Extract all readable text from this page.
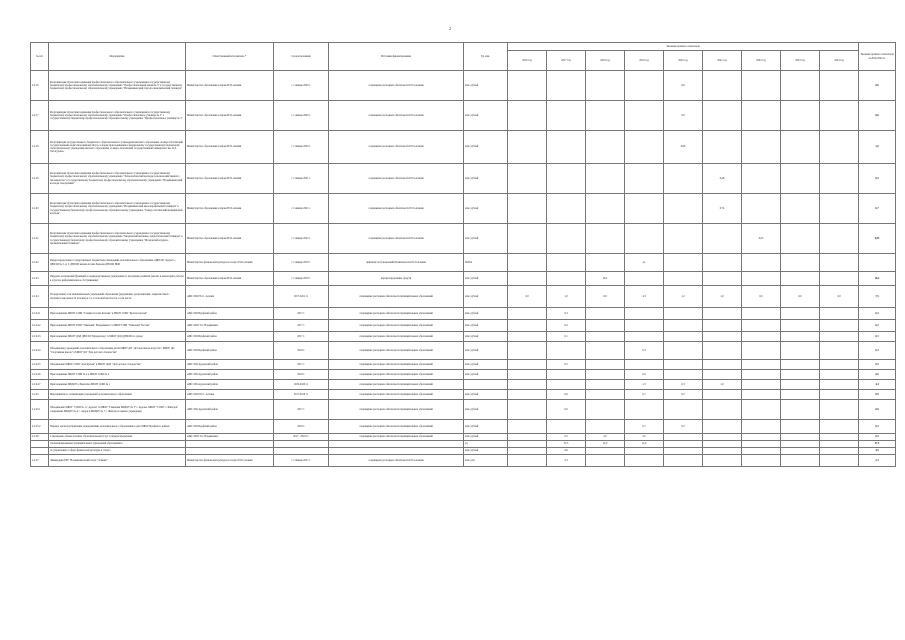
2
№ п/п	Мероприятие	Ответственный исполнитель *	Срок исполнения	Источник финансирования	Ед. изм.	Значение целевого показателя									Значение целевого показателя за 2016-2024 гг.
						2016 год	2017 год	2018 год	2019 год	2020 год	2021 год	2022 год	2023 год	2024 год	
2.2.16	Реорганизация путем присоединения профессионального образовательного учреждения к государственному бюджетному профессиональному образовательному учреждению "Профессиональный лицей № 3" к государственному бюджетному профессиональному образовательному учреждению "Владикавказский торгово-экономический техникум"	Министерство образования и науки РСО-Алания	с 1 января 2020 г.	сокращение расходных обязательств РСО-Алания	млн. рублей					0,6					0,6
2.2.17	Реорганизация путем присоединения профессионального образовательного учреждения к государственному бюджетному профессиональному образовательному учреждению "Профессиональное училище № 5" к государственному бюджетному профессиональному образовательному учреждению "Профессиональное училище № 5"	Министерство образования и науки РСО-Алания	с 1 января 2020 г.	сокращение расходных обязательств РСО-Алания	млн. рублей					0,6					0,6
2.2.18	Реорганизация государственного бюджетного образовательного учреждения высшего образования «Северо-Осетинский государственный педагогический институт» в форме присоединения к федеральному государственному бюджетному образовательному учреждению высшего образования «Северо-Осетинский государственный университет им. К.Л. Хетагурова»	Министерство образования и науки РСО-Алания	с 1 января 2020 г.	сокращение расходных обязательств РСО-Алания	млн. рублей					0,96					1,0
2.2.19	Реорганизация путем присоединения профессионального образовательного учреждения к государственному бюджетному профессиональному образовательному учреждению "Технологический колледж сельскохозяйственного производства" к государственному бюджетному профессиональному образовательному учреждению "Владикавказский колледж электроники"	Министерство образования и науки РСО-Алания	с 1 января 2021 г.	сокращение расходных обязательств РСО-Алания	млн. рублей						0,48				0,5
2.2.20	Реорганизация путем присоединения профессионального образовательного учреждения к государственному бюджетному профессиональному образовательному учреждению "Владикавказский многопрофильный техникум" к государственному бюджетному профессиональному образовательному учреждению "Северо-Осетинский медицинский колледж"	Министерство образования и науки РСО-Алания	с 1 января 2021 г.	сокращение расходных обязательств РСО-Алания	млн. рублей						0,74				0,7
2.2.21	Реорганизация путем присоединения профессионального образовательного учреждения к государственному бюджетному профессиональному образовательному учреждению "Моздокский механико-технологический техникум" к государственному бюджетному профессиональному образовательному учреждению "Моздокский аграрно-промышленный техникум"	Министерство образования и науки РСО-Алания	с 1 января 2022 г.	сокращение расходных обязательств РСО-Алания	млн. рублей							0,05			0,05
2.2.22	Перераспределение государственных бюджетных учреждений дополнительного образования «ДЮСШ "Ардон"», ДЮСШ № 3, 4, 5, ДЮСШ имени Аслана Бадоева ДЮСШ ВОП	Министерство физической культуры и спорта РСО-Алания	с 1 января 2019 г.	принятие постановлений Правительства РСО-Алания	ПОЛА				да						
2.2.23	Передача полномочий (функций) в подведомственные учреждения по программе развития (анализ и мониторинг работы в отрасли, информационное обслуживание)	Министерство образования и науки РСО-Алания	с 1 января 2019 г.	перераспределение средств	млн. рублей			16,2							16,2
2.2.24	Упорядочение сети муниципальных учреждений образования (укрупнение, реорганизация, закрытие школ с численностью менее 50 человек) в т.ч. в сельской местности, в том числе:	АМС МО РСО - Алания	2017-2021 гг.	сокращение расходных обязательств муниципальных образований	млн. рублей	0,0	1,0	0,0	4,3	1,2	1,0	0,0	0,0	0,0	7,5
2.2.24.1	Присоединение МБОУ СОШ "Славян поселка Катоны" к МБОУ СОШ "Красногорская"	АМС МО Ирафский район	2017 г.	сокращение расходных обязательств муниципальных образований	млн. рублей		0,3								0,3
2.2.24.2	Присоединение МБОУ ГОШ "Гимназия" Владикавказ" к МБОУ ГОШ "Гимназия" Беслан"	АМС МО ГО г. Владикавказ	2017 г.	сокращение расходных обязательств муниципальных образований	млн. рублей		0,2								0,2
2.2.24.3	Присоединение МБОУ ДОД ДЮСШ "Кудцедзюдо" к МБОУ ДОД ДЮСШ по дзюдо	АМС МО Ирафский район	2017 г.	сокращение расходных обязательств муниципальных образований	млн. рублей		0,1								0,1
2.2.24.4	Объединение учреждений дополнительного образования детей МБОУ ДО "Детская школа искусств", МБОУ ДО "Спортивная школа" в МБОУ ДО "Дом детского творчества"	АМС МО Ирафский район	2018 г.	сокращение расходных обязательств муниципальных образований	млн. рублей				0,3						0,3
2.2.24.5	Объединение МБОУ СОШ "Алагирская" и МБОУ ДОД "Дом детского творчества"	АМС МО Ардонский район	2017 г.	сокращение расходных обязательств муниципальных образований	млн. рублей		0,5								0,5
2.2.24.6	Присоединение МБОУ СОШ № 4 к МБОУ СОШ № 2	АМС МО Ардонский район	2018 г.	сокращение расходных обязательств муниципальных образований	млн. рублей				0,6						0,6
2.2.24.7	Присоединение МБДОУ к Ремонтно МБОУ СОШ № 1	АМС МО Ардонский район	2019-2020 гг.	сокращение расходных обязательств муниципальных образований					1,3	0,3	1,0				4,4
2.2.25	Мероприятия по оптимизации учреждений дополнительного образования	АМС МО РСО - Алания	2017-2018 гг.	сокращение расходных обязательств муниципальных образований	млн. рублей		0,6		0,1	0,2					0,9
2.2.25.1	Объединение МБОУ "СОШ № 1 г. Ардона" и МБОУ "Гимназия МБДОУ № 3" г. Ардона, МБОУ "СОШ" с. Фиагдон" сокращение МБДОУ № 4 с. Ардон и МБДОУ № 7 с. Фиагдон в единое учреждение	АМС МО Ардонский район	2017 г.	сокращение расходных обязательств муниципальных образований	млн. рублей		0,6								0,6
2.2.25.2	Перевод органов управления учреждениями дополнительного образования в одно МБОУ Ирафского района	АМС МО Ирафский район	2018 г.	сокращение расходных обязательств муниципальных образований	млн. рублей				0,1	0,2					0,3
2.2.26	Сокращение объема платных образовательных услуг и перераспределение	АМС МО ГО г. Владикавказ	2017 - 2018 гг.	сокращение расходных обязательств муниципальных образований	млн. рублей		2,5	2,0	2,0						6,5
	специализированных муниципальных учреждений образования в				ед		23,5	12,0	12,0						47,5
	по управлению в сфере физической культуры и спорта				млн. рублей		4,9								4,9
2.2.27	Ликвидация ГБУ "Владикавказский спорт "Алания"	Министерство физической культуры и спорта РСО-Алания	с 1 января 2017 г.	сокращение расходных обязательств РСО-Алания	млн. руб.		2,3								2,3
